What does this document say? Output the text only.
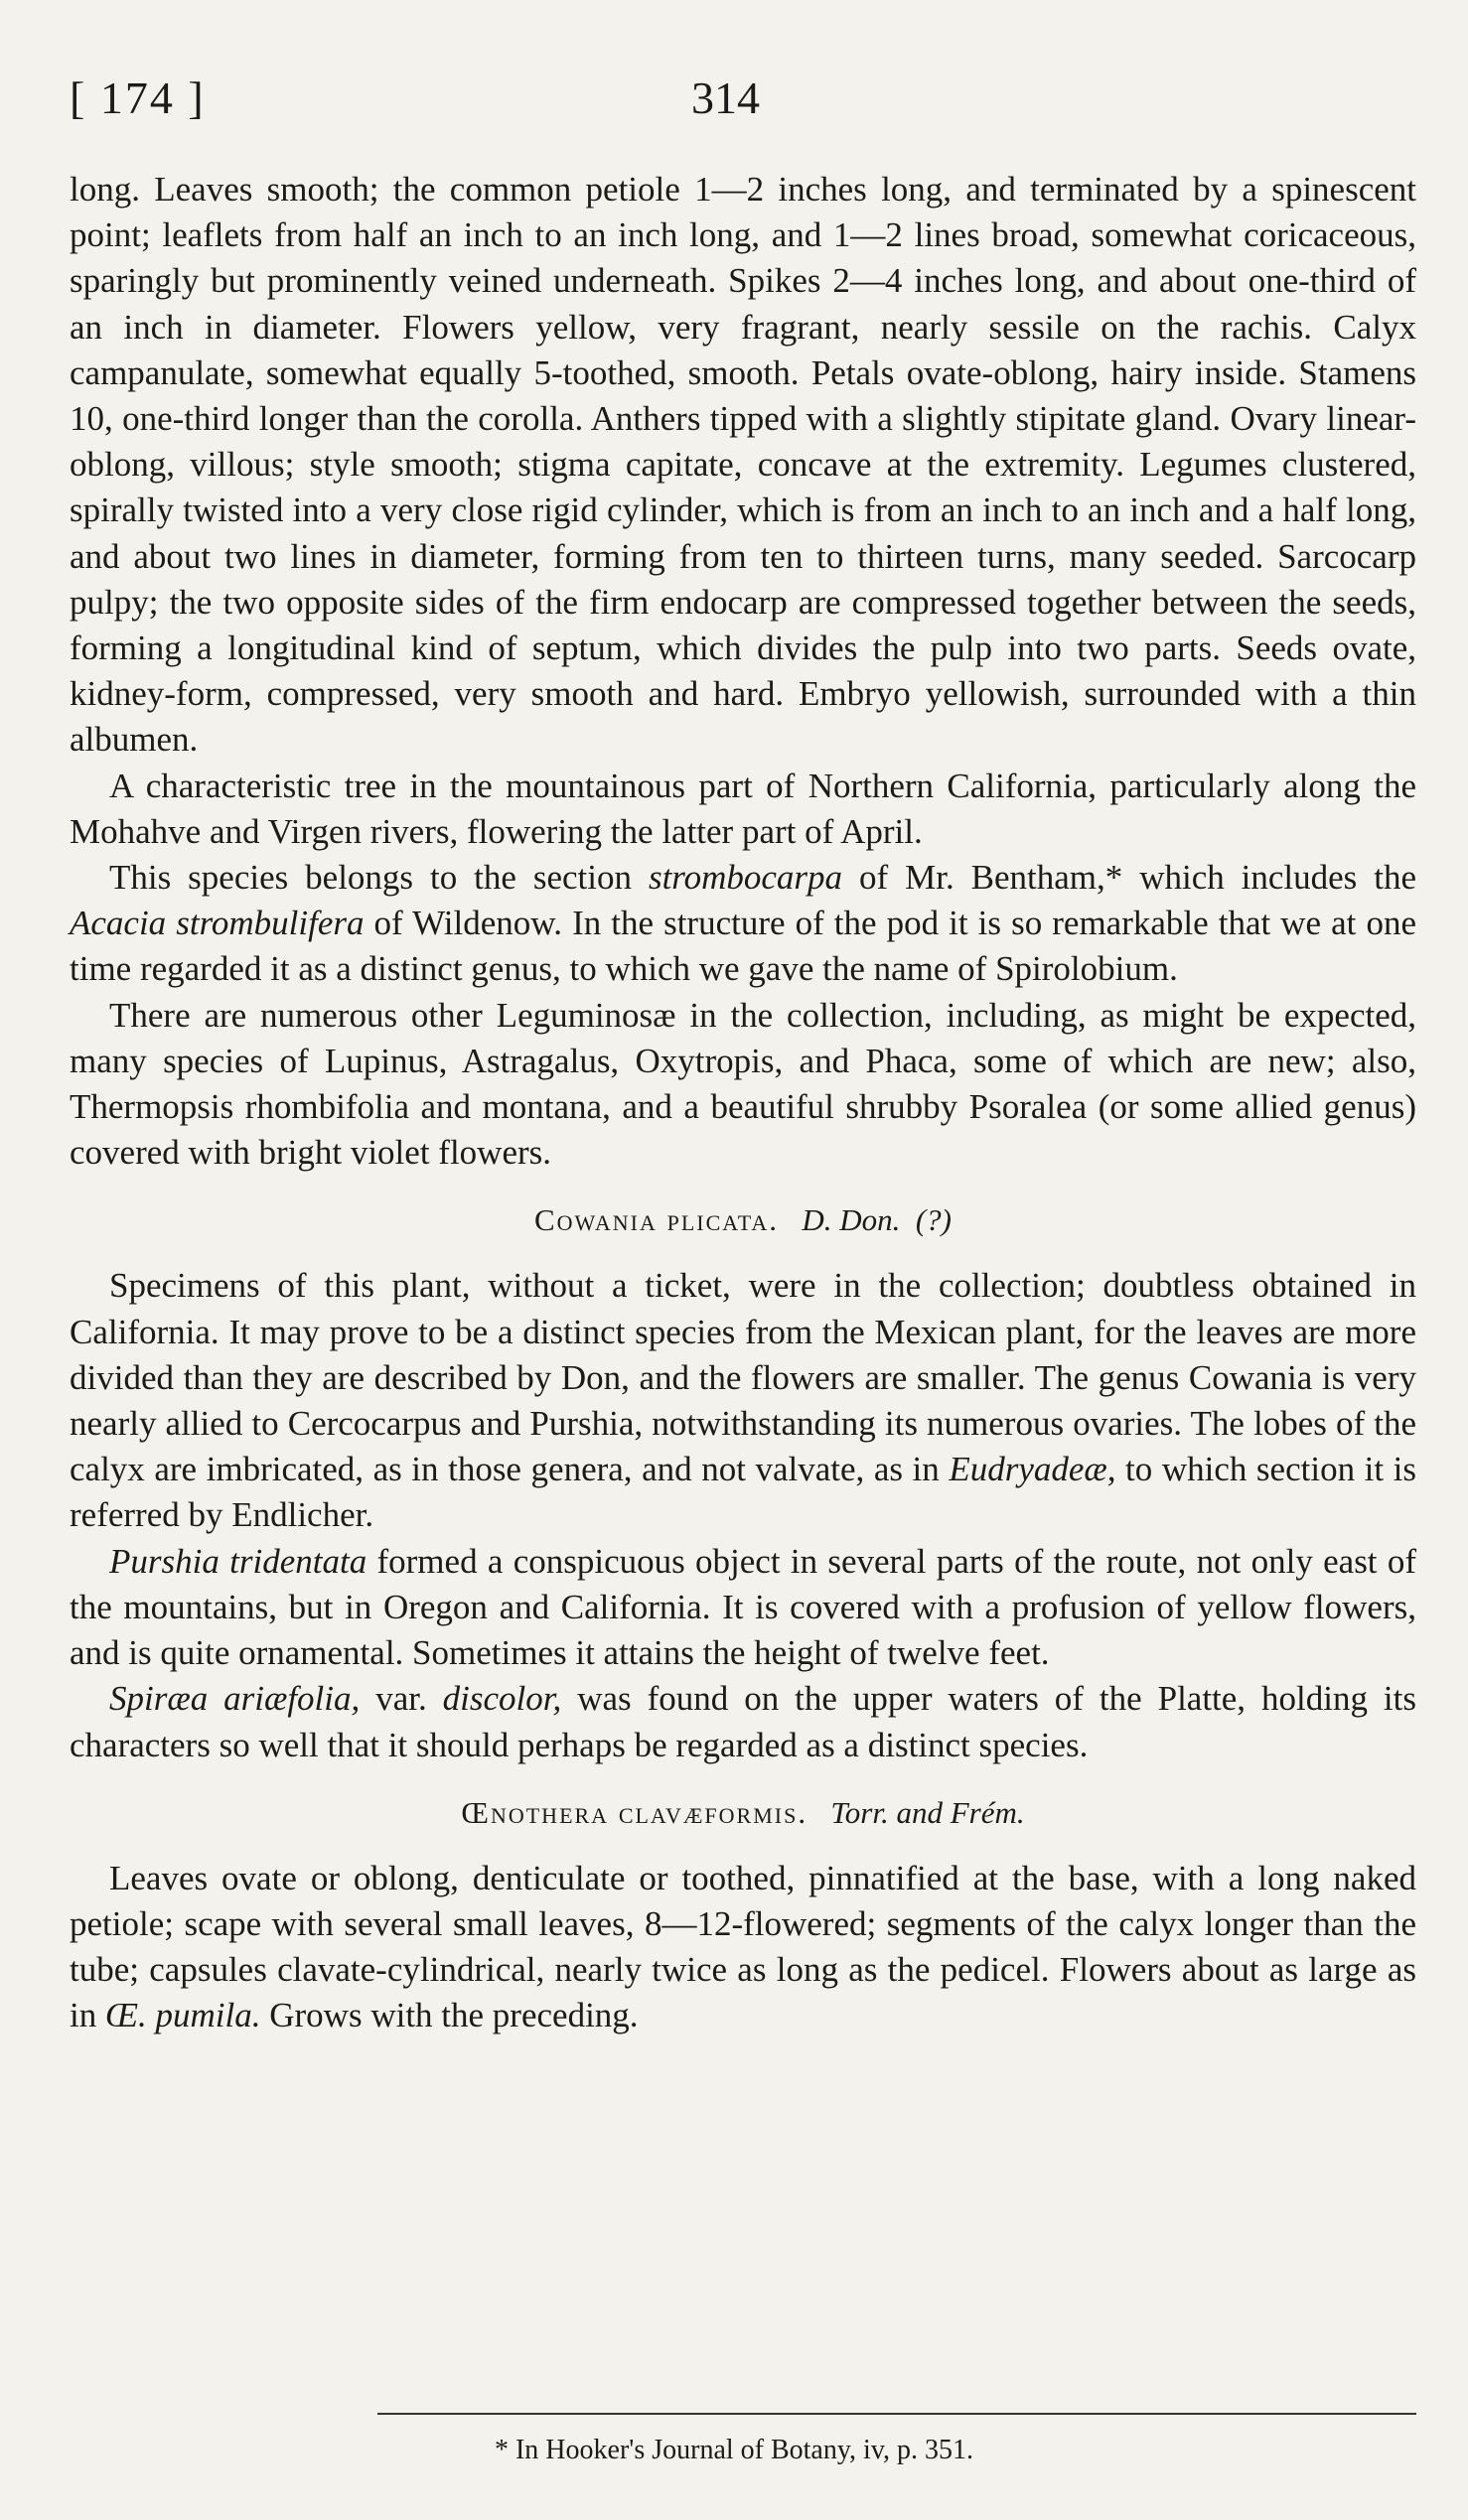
[ 174 ]	314

long. Leaves smooth; the common petiole 1—2 inches long, and terminated by a spinescent point; leaflets from half an inch to an inch long, and 1—2 lines broad, somewhat coricaceous, sparingly but prominently veined underneath. Spikes 2—4 inches long, and about one-third of an inch in diameter. Flowers yellow, very fragrant, nearly sessile on the rachis. Calyx campanulate, somewhat equally 5-toothed, smooth. Petals ovate-oblong, hairy inside. Stamens 10, one-third longer than the corolla. Anthers tipped with a slightly stipitate gland. Ovary linear-oblong, villous; style smooth; stigma capitate, concave at the extremity. Legumes clustered, spirally twisted into a very close rigid cylinder, which is from an inch to an inch and a half long, and about two lines in diameter, forming from ten to thirteen turns, many seeded. Sarcocarp pulpy; the two opposite sides of the firm endocarp are compressed together between the seeds, forming a longitudinal kind of septum, which divides the pulp into two parts. Seeds ovate, kidney-form, compressed, very smooth and hard. Embryo yellowish, surrounded with a thin albumen.

A characteristic tree in the mountainous part of Northern California, particularly along the Mohahve and Virgen rivers, flowering the latter part of April.

This species belongs to the section strombocarpa of Mr. Bentham,* which includes the Acacia strombulifera of Wildenow. In the structure of the pod it is so remarkable that we at one time regarded it as a distinct genus, to which we gave the name of Spirolobium.

There are numerous other Leguminosæ in the collection, including, as might be expected, many species of Lupinus, Astragalus, Oxytropis, and Phaca, some of which are new; also, Thermopsis rhombifolia and montana, and a beautiful shrubby Psoralea (or some allied genus) covered with bright violet flowers.

Cowania plicata. D. Don. (?)

Specimens of this plant, without a ticket, were in the collection; doubtless obtained in California. It may prove to be a distinct species from the Mexican plant, for the leaves are more divided than they are described by Don, and the flowers are smaller. The genus Cowania is very nearly allied to Cercocarpus and Purshia, notwithstanding its numerous ovaries. The lobes of the calyx are imbricated, as in those genera, and not valvate, as in Eudryadeæ, to which section it is referred by Endlicher.

Purshia tridentata formed a conspicuous object in several parts of the route, not only east of the mountains, but in Oregon and California. It is covered with a profusion of yellow flowers, and is quite ornamental. Sometimes it attains the height of twelve feet.

Spiræa ariæfolia, var. discolor, was found on the upper waters of the Platte, holding its characters so well that it should perhaps be regarded as a distinct species.

Œnothera clavæformis. Torr. and Frém.

Leaves ovate or oblong, denticulate or toothed, pinnatified at the base, with a long naked petiole; scape with several small leaves, 8—12-flowered; segments of the calyx longer than the tube; capsules clavate-cylindrical, nearly twice as long as the pedicel. Flowers about as large as in Œ. pumila. Grows with the preceding.

* In Hooker's Journal of Botany, iv, p. 351.
